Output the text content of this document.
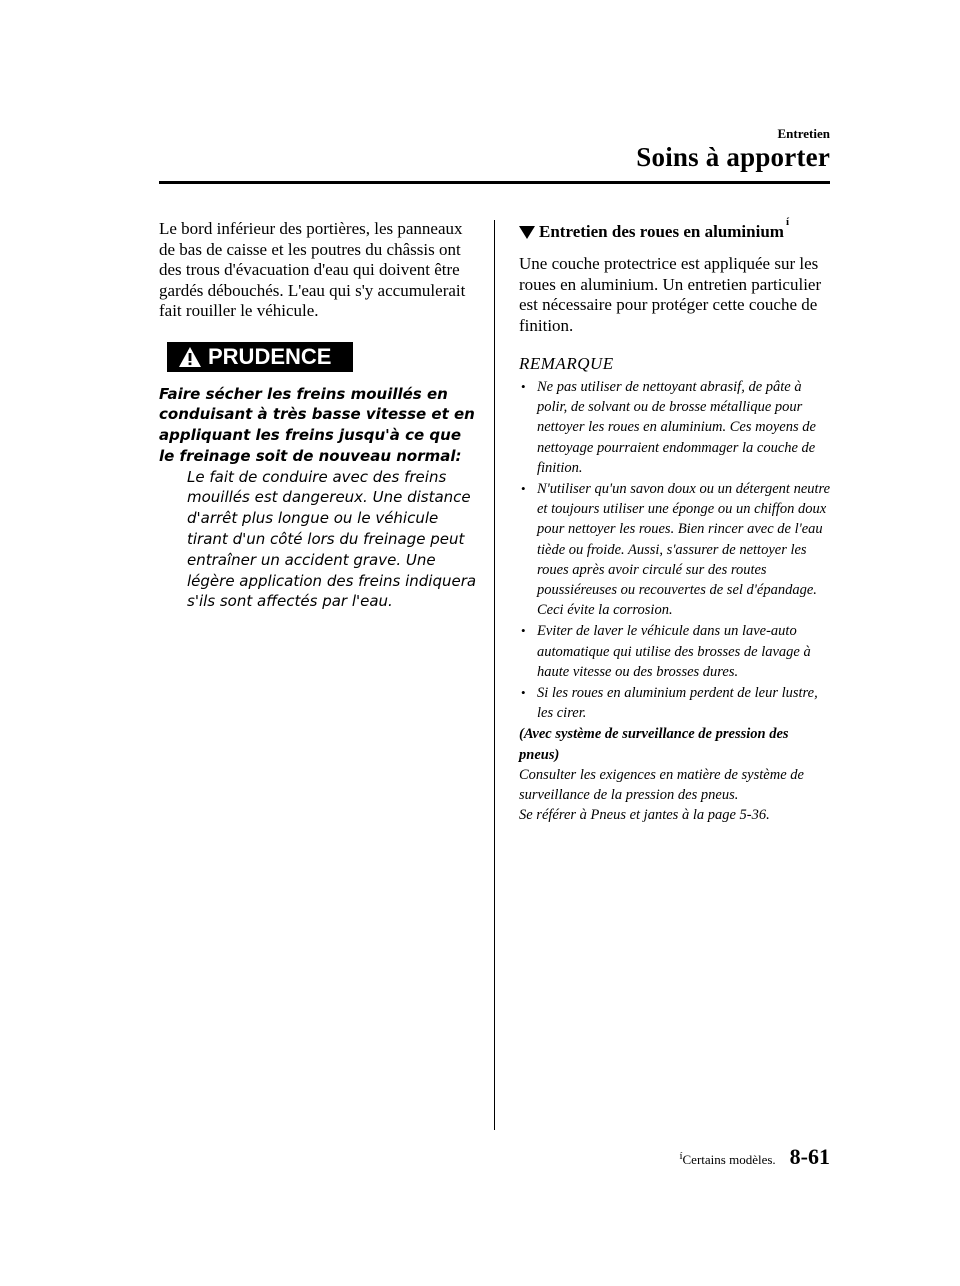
Entretien
Soins à apporter

Le bord inférieur des portières, les panneaux de bas de caisse et les poutres du châssis ont des trous d'évacuation d'eau qui doivent être gardés débouchés. L'eau qui s'y accumulerait fait rouiller le véhicule.

PRUDENCE
Faire sécher les freins mouillés en conduisant à très basse vitesse et en appliquant les freins jusqu'à ce que le freinage soit de nouveau normal:
Le fait de conduire avec des freins mouillés est dangereux. Une distance d'arrêt plus longue ou le véhicule tirant d'un côté lors du freinage peut entraîner un accident grave. Une légère application des freins indiquera s'ils sont affectés par l'eau.
Entretien des roues en aluminium í

Une couche protectrice est appliquée sur les roues en aluminium. Un entretien particulier est nécessaire pour protéger cette couche de finition.

REMARQUE
• Ne pas utiliser de nettoyant abrasif, de pâte à polir, de solvant ou de brosse métallique pour nettoyer les roues en aluminium. Ces moyens de nettoyage pourraient endommager la couche de finition.
• N'utiliser qu'un savon doux ou un détergent neutre et toujours utiliser une éponge ou un chiffon doux pour nettoyer les roues. Bien rincer avec de l'eau tiède ou froide. Aussi, s'assurer de nettoyer les roues après avoir circulé sur des routes poussiéreuses ou recouvertes de sel d'épandage. Ceci évite la corrosion.
• Eviter de laver le véhicule dans un lave-auto automatique qui utilise des brosses de lavage à haute vitesse ou des brosses dures.
• Si les roues en aluminium perdent de leur lustre, les cirer.
(Avec système de surveillance de pression des pneus)
Consulter les exigences en matière de système de surveillance de la pression des pneus.
Se référer à Pneus et jantes à la page 5-36.
í Certains modèles. 8-61
